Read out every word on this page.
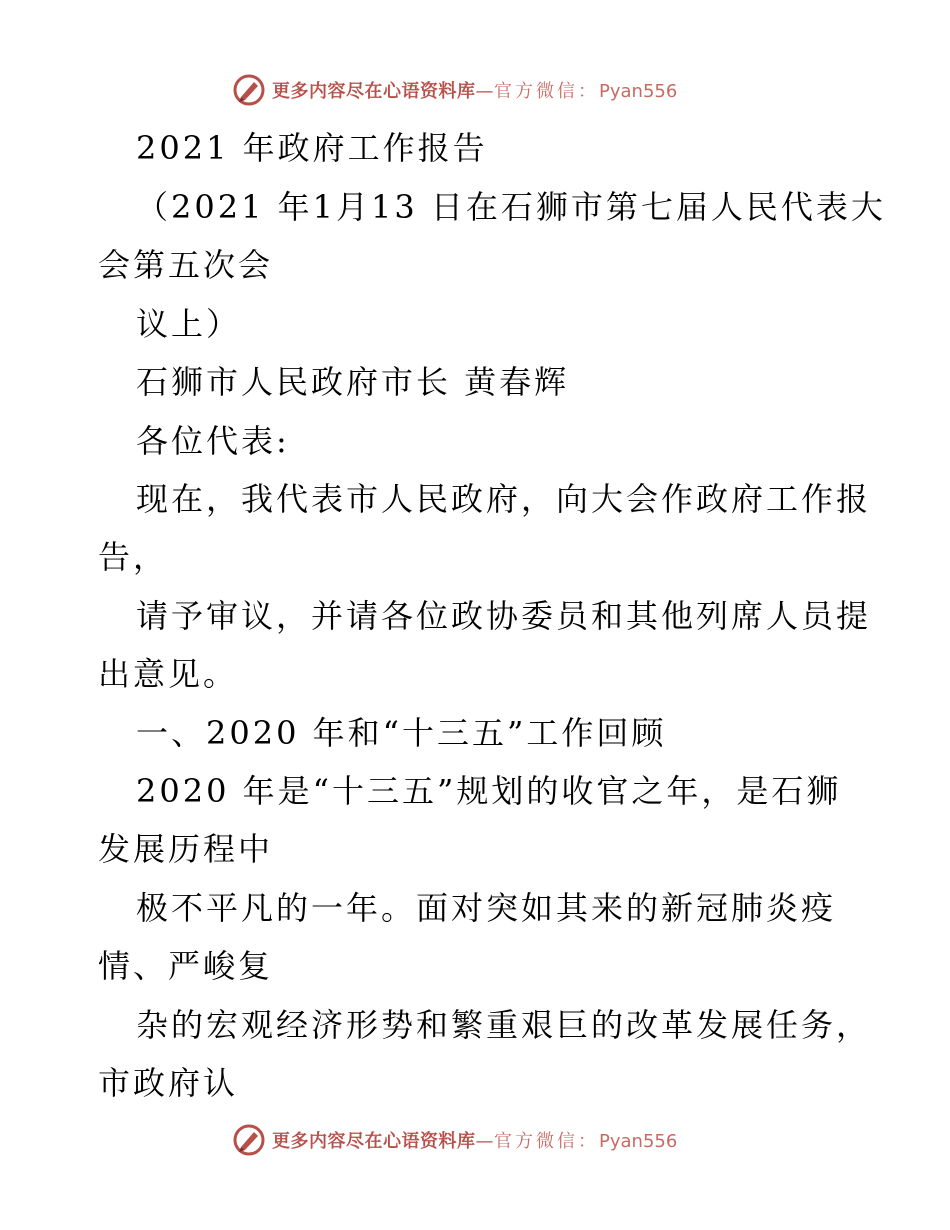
更多内容尽在心语资料库—官方微信：Pyan556
2021 年政府工作报告
（2021 年1月13 日在石狮市第七届人民代表大
会第五次会
议上）
石狮市人民政府市长 黄春辉
各位代表:
现在，我代表市人民政府，向大会作政府工作报
告，
请予审议，并请各位政协委员和其他列席人员提
出意见。
一、2020 年和“十三五”工作回顾
2020 年是“十三五”规划的收官之年，是石狮
发展历程中
极不平凡的一年。面对突如其来的新冠肺炎疫
情、严峻复
杂的宏观经济形势和繁重艰巨的改革发展任务，
市政府认
更多内容尽在心语资料库—官方微信：Pyan556
